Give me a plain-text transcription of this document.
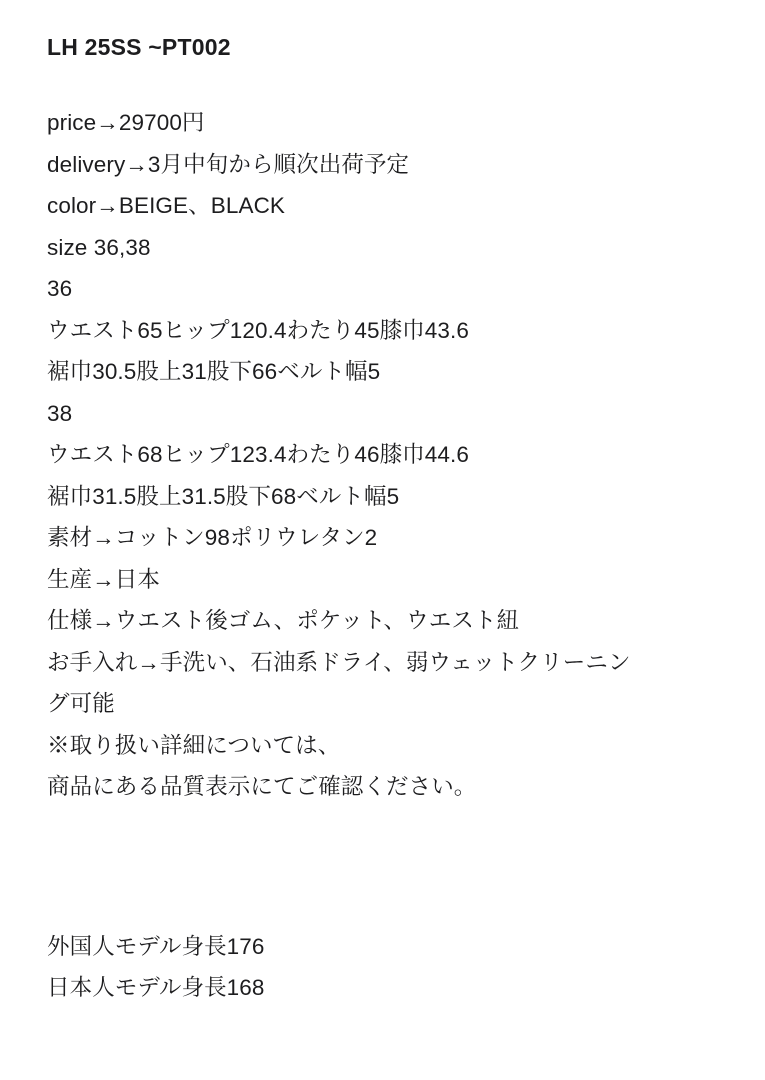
LH 25SS ~PT002
price→29700円
delivery→3月中旬から順次出荷予定
color→BEIGE、BLACK
size 36,38
36
ウエスト65ヒップ120.4わたり45膝巾43.6
裾巾30.5股上31股下66ベルト幅5
38
ウエスト68ヒップ123.4わたり46膝巾44.6
裾巾31.5股上31.5股下68ベルト幅5
素材→コットン98ポリウレタン2
生産→日本
仕様→ウエスト後ゴム、ポケット、ウエスト紐
お手入れ→手洗い、石油系ドライ、弱ウェットクリーニン
グ可能
※取り扱い詳細については、
商品にある品質表示にてご確認ください。
外国人モデル身長176
日本人モデル身長168
